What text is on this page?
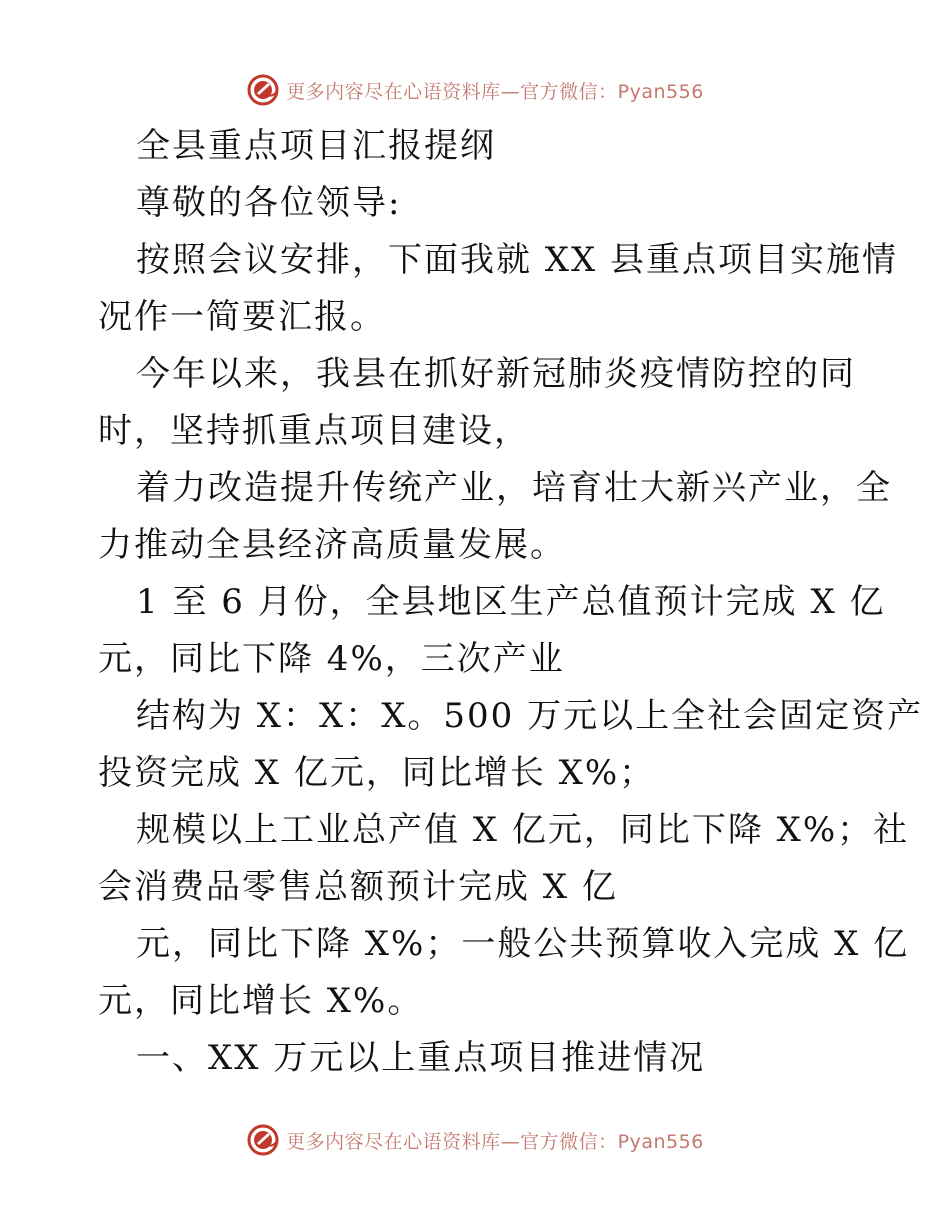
更多内容尽在心语资料库—官方微信：Pyan556
全县重点项目汇报提纲
尊敬的各位领导:
按照会议安排，下面我就 XX 县重点项目实施情
况作一简要汇报。
今年以来，我县在抓好新冠肺炎疫情防控的同
时，坚持抓重点项目建设，
着力改造提升传统产业，培育壮大新兴产业，全
力推动全县经济高质量发展。
1 至 6 月份，全县地区生产总值预计完成 X 亿
元，同比下降 4%，三次产业
结构为 X：X：X。500 万元以上全社会固定资产
投资完成 X 亿元，同比增长 X%；
规模以上工业总产值 X 亿元，同比下降 X%；社
会消费品零售总额预计完成 X 亿
元，同比下降 X%；一般公共预算收入完成 X 亿
元，同比增长 X%。
一、XX 万元以上重点项目推进情况
更多内容尽在心语资料库—官方微信：Pyan556
